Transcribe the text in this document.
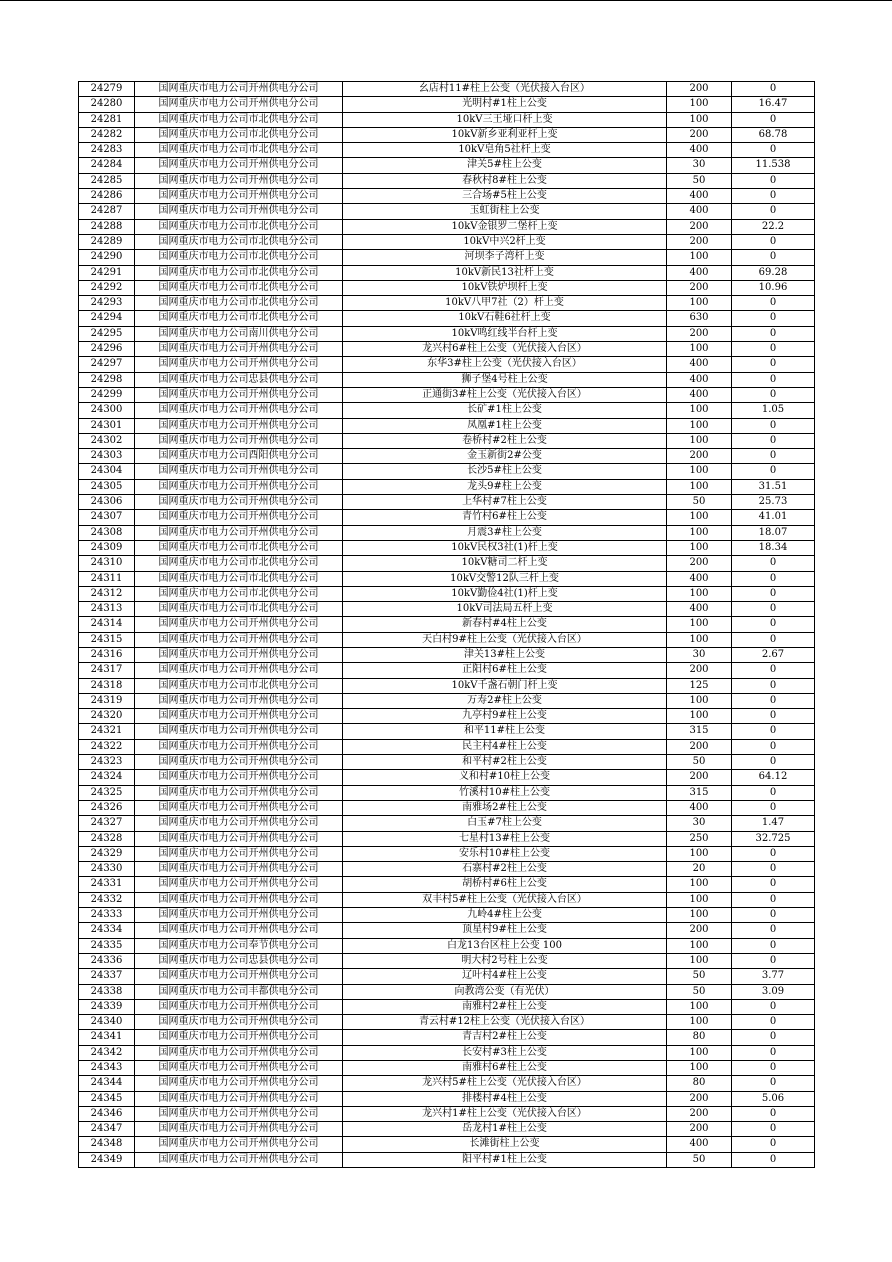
24279	国网重庆市电力公司开州供电分公司	幺店村11#柱上公变（光伏接入台区）	200	0
24280	国网重庆市电力公司开州供电分公司	光明村#1柱上公变	100	16.47
24281	国网重庆市电力公司市北供电分公司	10kV三王垭口杆上变	100	0
24282	国网重庆市电力公司市北供电分公司	10kV新乡亚利亚杆上变	200	68.78
24283	国网重庆市电力公司市北供电分公司	10kV皂角5社杆上变	400	0
24284	国网重庆市电力公司开州供电分公司	津关5#柱上公变	30	11.538
24285	国网重庆市电力公司开州供电分公司	春秋村8#柱上公变	50	0
24286	国网重庆市电力公司开州供电分公司	三合场#5柱上公变	400	0
24287	国网重庆市电力公司开州供电分公司	玉虹街柱上公变	400	0
24288	国网重庆市电力公司市北供电分公司	10kV金银罗二堡杆上变	200	22.2
24289	国网重庆市电力公司市北供电分公司	10kV中兴2杆上变	200	0
24290	国网重庆市电力公司市北供电分公司	河坝李子湾杆上变	100	0
24291	国网重庆市电力公司市北供电分公司	10kV新民13社杆上变	400	69.28
24292	国网重庆市电力公司市北供电分公司	10kV铁炉坝杆上变	200	10.96
24293	国网重庆市电力公司市北供电分公司	10kV八甲7社（2）杆上变	100	0
24294	国网重庆市电力公司市北供电分公司	10kV石鞋6社杆上变	630	0
24295	国网重庆市电力公司南川供电分公司	10kV鸣红线半台杆上变	200	0
24296	国网重庆市电力公司开州供电分公司	龙兴村6#柱上公变（光伏接入台区）	100	0
24297	国网重庆市电力公司开州供电分公司	东华3#柱上公变（光伏接入台区）	400	0
24298	国网重庆市电力公司忠县供电分公司	狮子堡4号柱上公变	400	0
24299	国网重庆市电力公司开州供电分公司	正通街3#柱上公变（光伏接入台区）	400	0
24300	国网重庆市电力公司开州供电分公司	长矿#1柱上公变	100	1.05
24301	国网重庆市电力公司开州供电分公司	凤凰#1柱上公变	100	0
24302	国网重庆市电力公司开州供电分公司	卷桥村#2柱上公变	100	0
24303	国网重庆市电力公司酉阳供电分公司	金玉新街2#公变	200	0
24304	国网重庆市电力公司开州供电分公司	长沙5#柱上公变	100	0
24305	国网重庆市电力公司开州供电分公司	龙头9#柱上公变	100	31.51
24306	国网重庆市电力公司开州供电分公司	上华村#7柱上公变	50	25.73
24307	国网重庆市电力公司开州供电分公司	青竹村6#柱上公变	100	41.01
24308	国网重庆市电力公司开州供电分公司	月震3#柱上公变	100	18.07
24309	国网重庆市电力公司市北供电分公司	10kV民权3社(1)杆上变	100	18.34
24310	国网重庆市电力公司市北供电分公司	10kV糖司二杆上变	200	0
24311	国网重庆市电力公司市北供电分公司	10kV交警12队三杆上变	400	0
24312	国网重庆市电力公司市北供电分公司	10kV勤俭4社(1)杆上变	100	0
24313	国网重庆市电力公司市北供电分公司	10kV司法局五杆上变	400	0
24314	国网重庆市电力公司开州供电分公司	新春村#4柱上公变	100	0
24315	国网重庆市电力公司开州供电分公司	天白村9#柱上公变（光伏接入台区）	100	0
24316	国网重庆市电力公司开州供电分公司	津关13#柱上公变	30	2.67
24317	国网重庆市电力公司开州供电分公司	正阳村6#柱上公变	200	0
24318	国网重庆市电力公司市北供电分公司	10kV千盏石朝门杆上变	125	0
24319	国网重庆市电力公司开州供电分公司	万寿2#柱上公变	100	0
24320	国网重庆市电力公司开州供电分公司	九亭村9#柱上公变	100	0
24321	国网重庆市电力公司开州供电分公司	和平11#柱上公变	315	0
24322	国网重庆市电力公司开州供电分公司	民主村4#柱上公变	200	0
24323	国网重庆市电力公司开州供电分公司	和平村#2柱上公变	50	0
24324	国网重庆市电力公司开州供电分公司	义和村#10柱上公变	200	64.12
24325	国网重庆市电力公司开州供电分公司	竹溪村10#柱上公变	315	0
24326	国网重庆市电力公司开州供电分公司	南雅场2#柱上公变	400	0
24327	国网重庆市电力公司开州供电分公司	白玉#7柱上公变	30	1.47
24328	国网重庆市电力公司开州供电分公司	七星村13#柱上公变	250	32.725
24329	国网重庆市电力公司开州供电分公司	安乐村10#柱上公变	100	0
24330	国网重庆市电力公司开州供电分公司	石寨村#2柱上公变	20	0
24331	国网重庆市电力公司开州供电分公司	胡桥村#6柱上公变	100	0
24332	国网重庆市电力公司开州供电分公司	双丰村5#柱上公变（光伏接入台区）	100	0
24333	国网重庆市电力公司开州供电分公司	九岭4#柱上公变	100	0
24334	国网重庆市电力公司开州供电分公司	顶星村9#柱上公变	200	0
24335	国网重庆市电力公司奉节供电分公司	白龙13台区柱上公变 100	100	0
24336	国网重庆市电力公司忠县供电分公司	明大村2号柱上公变	100	0
24337	国网重庆市电力公司开州供电分公司	辽叶村4#柱上公变	50	3.77
24338	国网重庆市电力公司丰都供电分公司	向教湾公变（有光伏）	50	3.09
24339	国网重庆市电力公司开州供电分公司	南雅村2#柱上公变	100	0
24340	国网重庆市电力公司开州供电分公司	青云村#12柱上公变（光伏接入台区）	100	0
24341	国网重庆市电力公司开州供电分公司	青吉村2#柱上公变	80	0
24342	国网重庆市电力公司开州供电分公司	长安村#3柱上公变	100	0
24343	国网重庆市电力公司开州供电分公司	南雅村6#柱上公变	100	0
24344	国网重庆市电力公司开州供电分公司	龙兴村5#柱上公变（光伏接入台区）	80	0
24345	国网重庆市电力公司开州供电分公司	排楼村#4柱上公变	200	5.06
24346	国网重庆市电力公司开州供电分公司	龙兴村1#柱上公变（光伏接入台区）	200	0
24347	国网重庆市电力公司开州供电分公司	岳龙村1#柱上公变	200	0
24348	国网重庆市电力公司开州供电分公司	长滩街柱上公变	400	0
24349	国网重庆市电力公司开州供电分公司	阳平村#1柱上公变	50	0
